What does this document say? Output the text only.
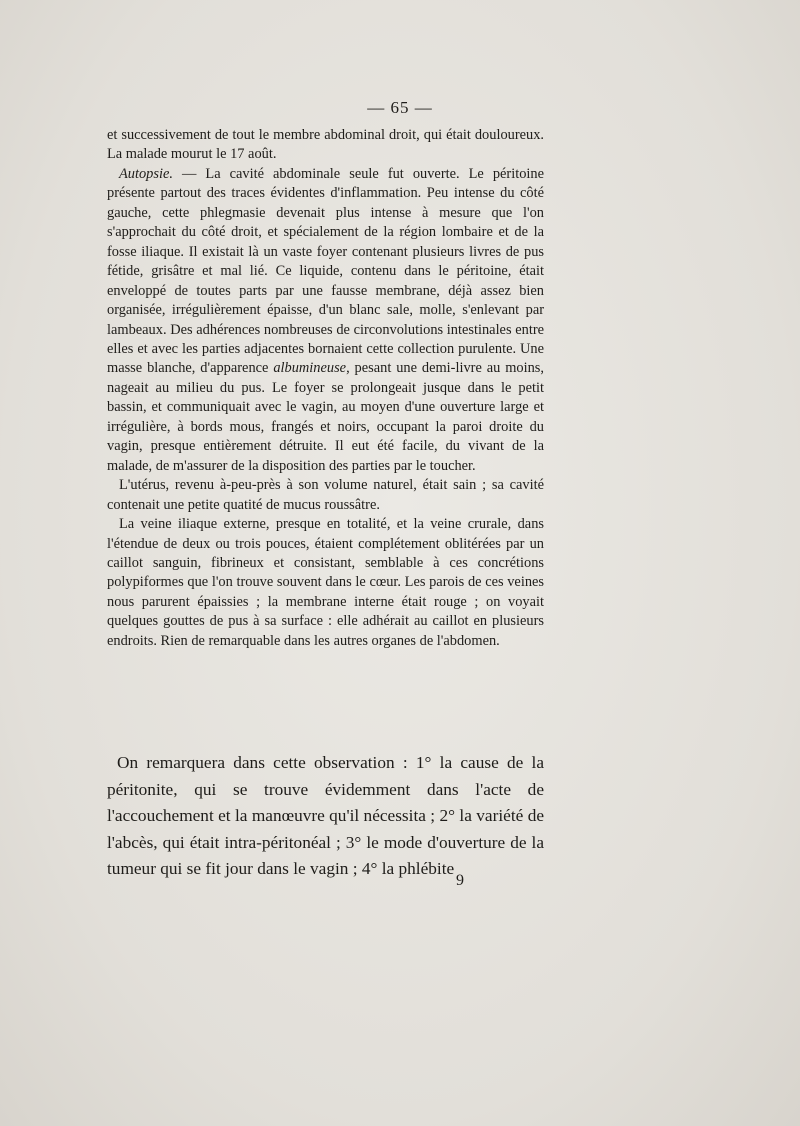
— 65 —

et successivement de tout le membre abdominal droit, qui était douloureux. La malade mourut le 17 août.

Autopsie. — La cavité abdominale seule fut ouverte. Le péritoine présente partout des traces évidentes d'inflammation. Peu intense du côté gauche, cette phlegmasie devenait plus intense à mesure que l'on s'approchait du côté droit, et spécialement de la région lombaire et de la fosse iliaque. Il existait là un vaste foyer contenant plusieurs livres de pus fétide, grisâtre et mal lié. Ce liquide, contenu dans le péritoine, était enveloppé de toutes parts par une fausse membrane, déjà assez bien organisée, irrégulièrement épaisse, d'un blanc sale, molle, s'enlevant par lambeaux. Des adhérences nombreuses de circonvolutions intestinales entre elles et avec les parties adjacentes bornaient cette collection purulente. Une masse blanche, d'apparence albumineuse, pesant une demi-livre au moins, nageait au milieu du pus. Le foyer se prolongeait jusque dans le petit bassin, et communiquait avec le vagin, au moyen d'une ouverture large et irrégulière, à bords mous, frangés et noirs, occupant la paroi droite du vagin, presque entièrement détruite. Il eut été facile, du vivant de la malade, de m'assurer de la disposition des parties par le toucher.

L'utérus, revenu à-peu-près à son volume naturel, était sain ; sa cavité contenait une petite quatité de mucus roussâtre.

La veine iliaque externe, presque en totalité, et la veine crurale, dans l'étendue de deux ou trois pouces, étaient complétement oblitérées par un caillot sanguin, fibrineux et consistant, semblable à ces concrétions polypiformes que l'on trouve souvent dans le cœur. Les parois de ces veines nous parurent épaissies ; la membrane interne était rouge ; on voyait quelques gouttes de pus à sa surface : elle adhérait au caillot en plusieurs endroits. Rien de remarquable dans les autres organes de l'abdomen.

On remarquera dans cette observation : 1° la cause de la péritonite, qui se trouve évidemment dans l'acte de l'accouchement et la manœuvre qu'il nécessita ; 2° la variété de l'abcès, qui était intra-péritonéal ; 3° le mode d'ouverture de la tumeur qui se fit jour dans le vagin ; 4° la phlébite

9
